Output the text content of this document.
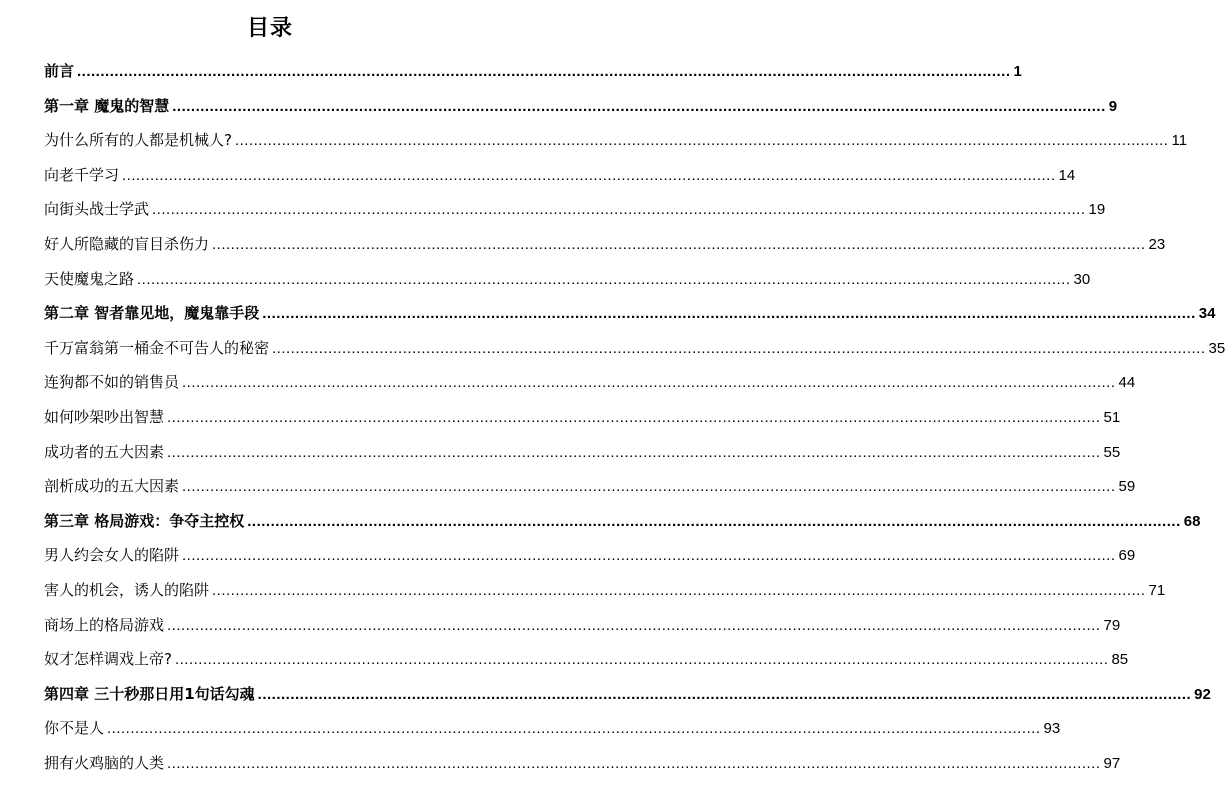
目录
前言 ........................................................................................................................................................................................................ 1
第一章 魔鬼的智慧 ........................................................................................................................................................................................................ 9
为什么所有的人都是机械人? ........................................................................................................................................................................................................ 11
向老千学习 ........................................................................................................................................................................................................ 14
向街头战士学武 ........................................................................................................................................................................................................ 19
好人所隐藏的盲目杀伤力 ........................................................................................................................................................................................................ 23
天使魔鬼之路 ........................................................................................................................................................................................................ 30
第二章 智者靠见地，魔鬼靠手段 ........................................................................................................................................................................................................ 34
千万富翁第一桶金不可告人的秘密 ........................................................................................................................................................................................................ 35
连狗都不如的销售员 ........................................................................................................................................................................................................ 44
如何吵架吵出智慧 ........................................................................................................................................................................................................ 51
成功者的五大因素 ........................................................................................................................................................................................................ 55
剖析成功的五大因素 ........................................................................................................................................................................................................ 59
第三章 格局游戏：争夺主控权 ........................................................................................................................................................................................................ 68
男人约会女人的陷阱 ........................................................................................................................................................................................................ 69
害人的机会，诱人的陷阱 ........................................................................................................................................................................................................ 71
商场上的格局游戏 ........................................................................................................................................................................................................ 79
奴才怎样调戏上帝? ........................................................................................................................................................................................................ 85
第四章 三十秒那日用1句话勾魂 ........................................................................................................................................................................................................ 92
你不是人 ........................................................................................................................................................................................................ 93
拥有火鸡脑的人类 ........................................................................................................................................................................................................ 97
